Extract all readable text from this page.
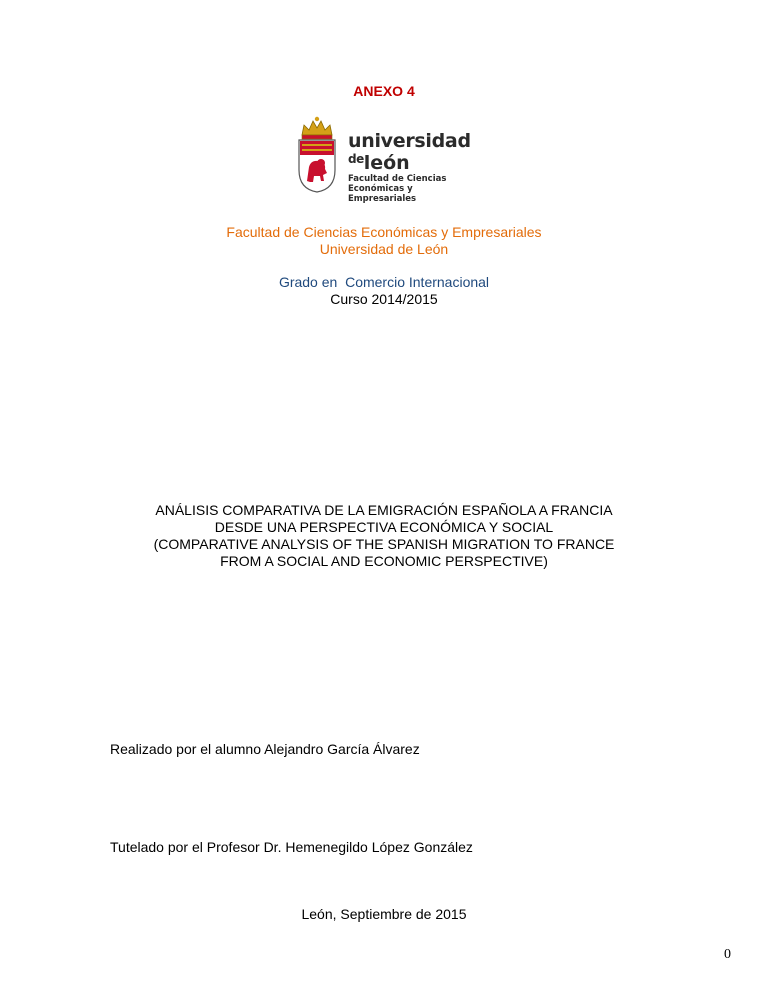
ANEXO 4
universidad
$^{de}$león
Facultad de Ciencias
Económicas y Empresariales
Facultad de Ciencias Económicas y Empresariales
Universidad de León
Grado en  Comercio Internacional
Curso 2014/2015
ANÁLISIS COMPARATIVA DE LA EMIGRACIÓN ESPAÑOLA A FRANCIA
DESDE UNA PERSPECTIVA ECONÓMICA Y SOCIAL
(COMPARATIVE ANALYSIS OF THE SPANISH MIGRATION TO FRANCE
FROM A SOCIAL AND ECONOMIC PERSPECTIVE)
Realizado por el alumno Alejandro García Álvarez
Tutelado por el Profesor Dr. Hemenegildo López González
León, Septiembre de 2015
0
